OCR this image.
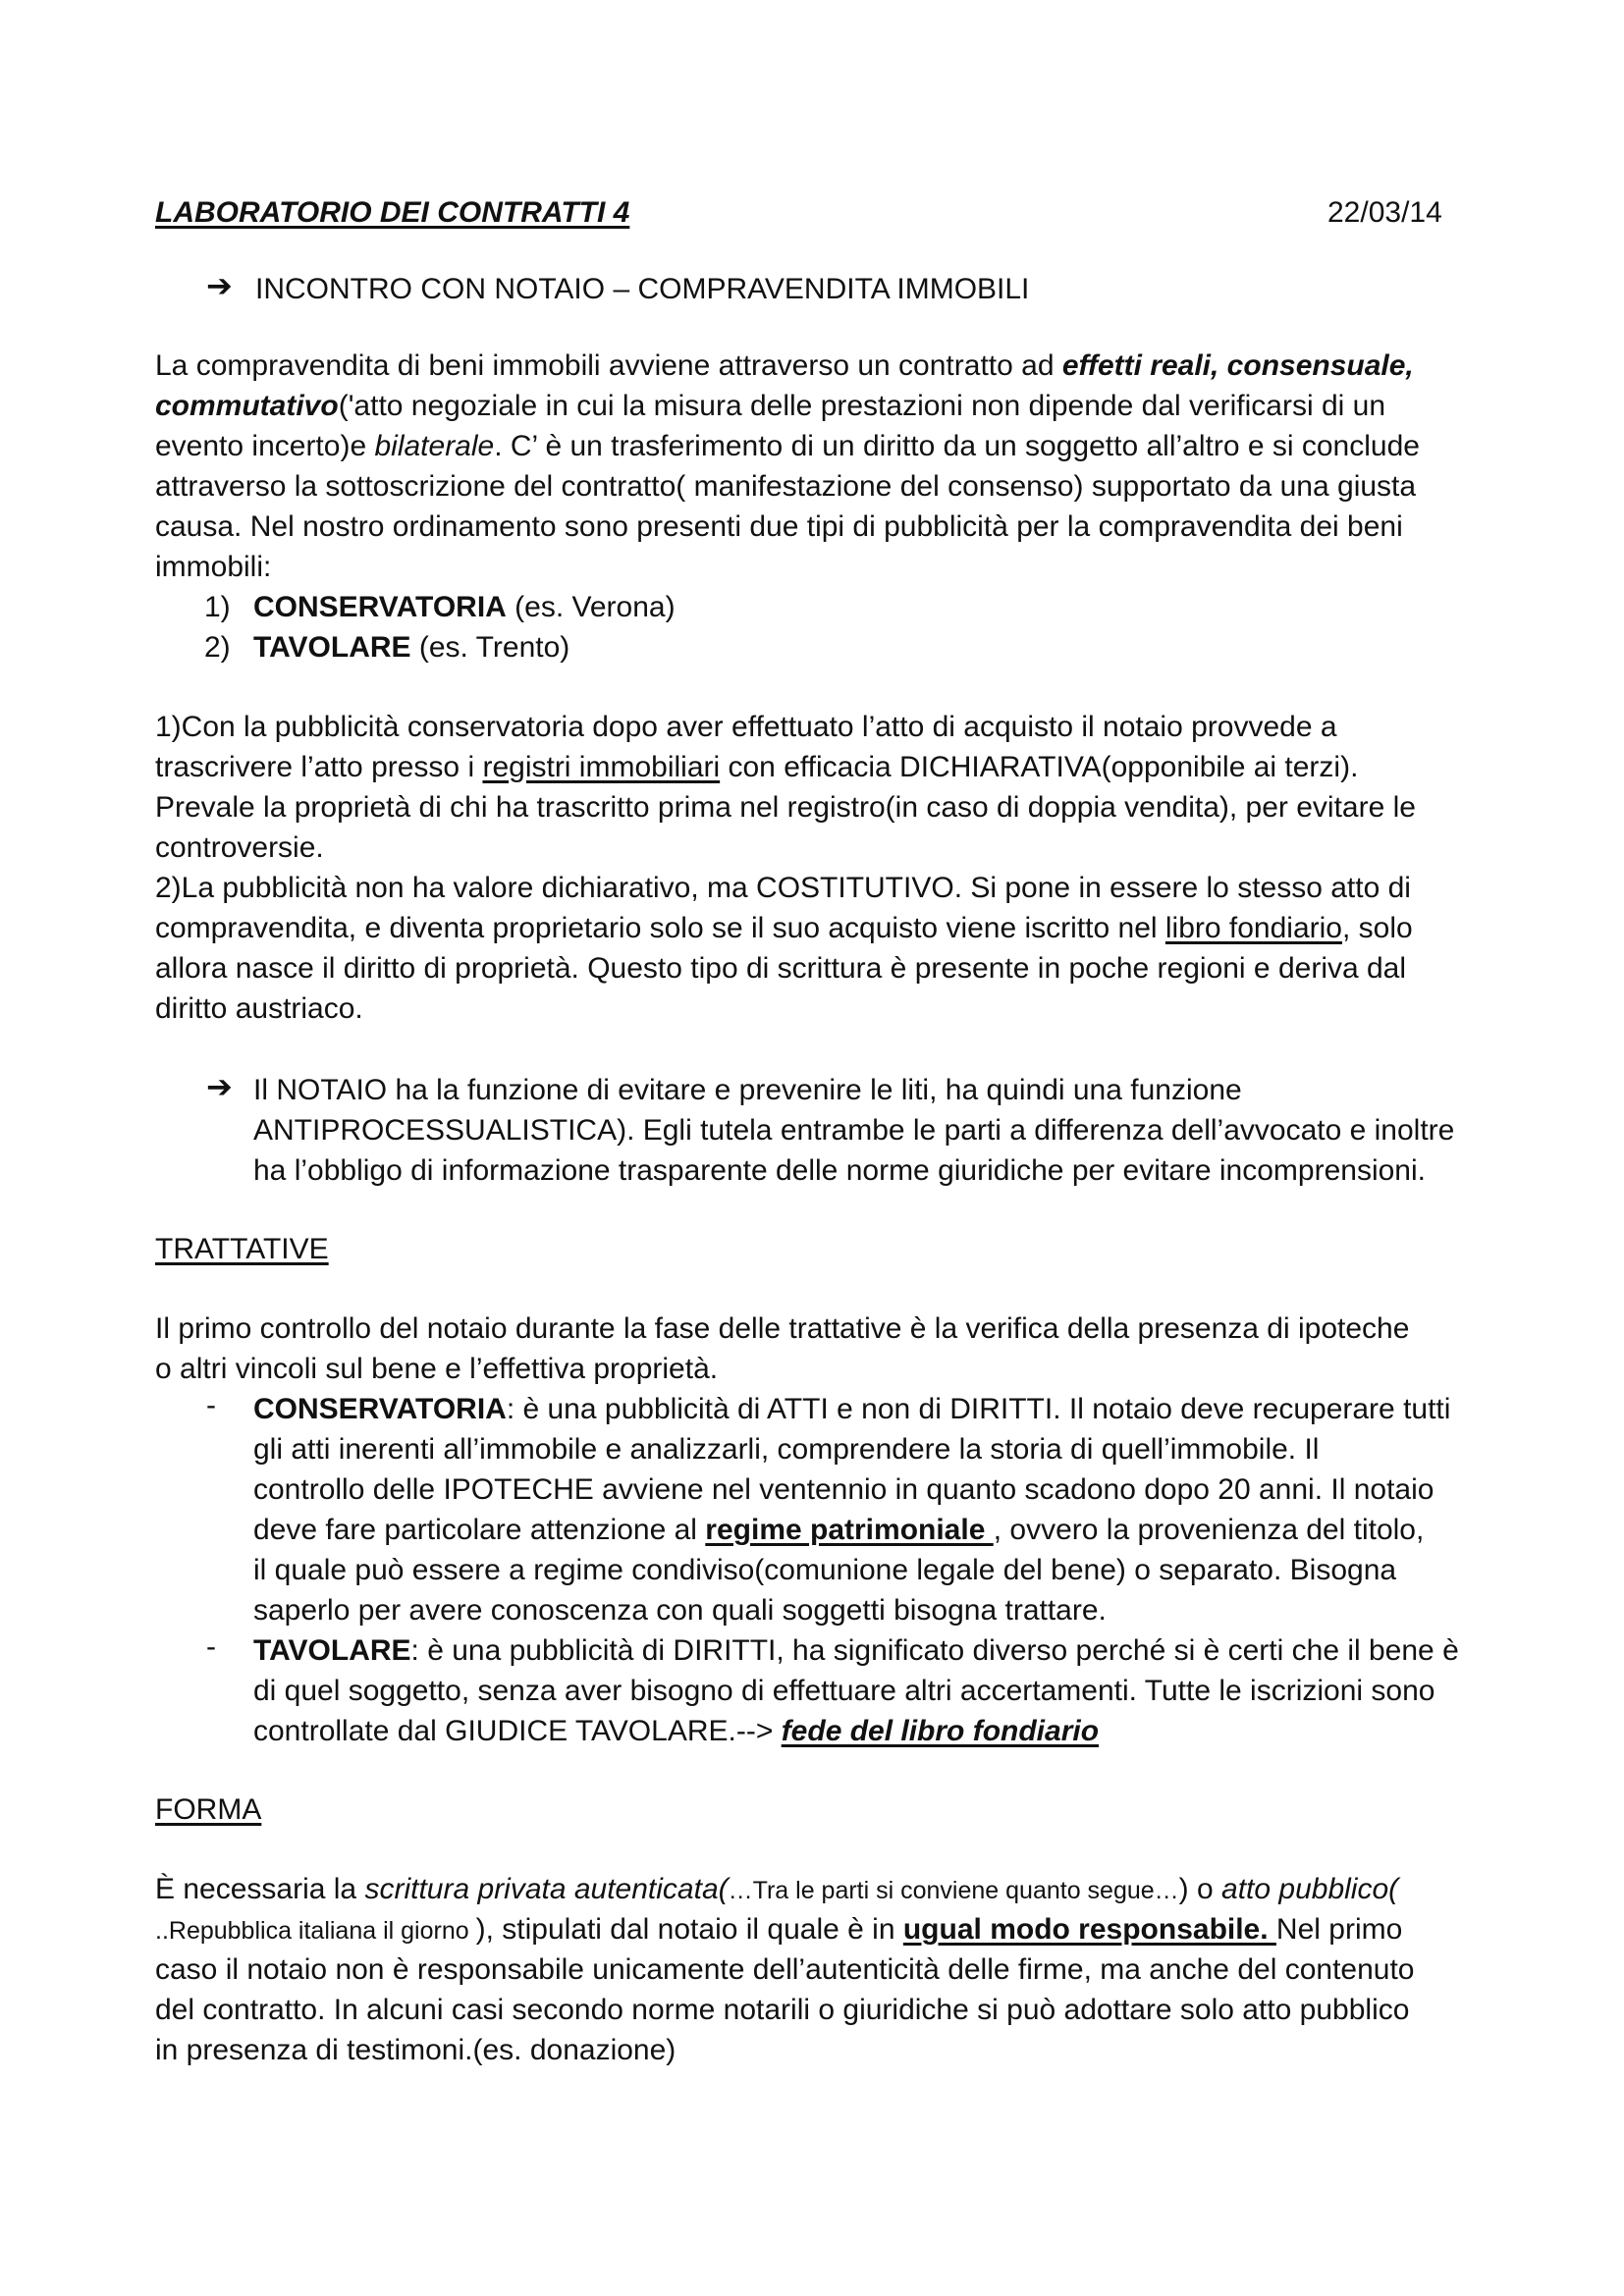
LABORATORIO DEI CONTRATTI 4	22/03/14
➔ INCONTRO CON NOTAIO – COMPRAVENDITA IMMOBILI
La compravendita di beni immobili avviene attraverso un contratto ad effetti reali, consensuale,
commutativo('atto negoziale in cui la misura delle prestazioni non dipende dal verificarsi di un
evento incerto)e bilaterale. C’ è un trasferimento di un diritto da un soggetto all’altro e si conclude
attraverso la sottoscrizione del contratto( manifestazione del consenso) supportato da una giusta
causa. Nel nostro ordinamento sono presenti due tipi di pubblicità per la compravendita dei beni
immobili:
1) CONSERVATORIA (es. Verona)
2) TAVOLARE (es. Trento)
1)Con la pubblicità conservatoria dopo aver effettuato l’atto di acquisto il notaio provvede a
trascrivere l’atto presso i registri immobiliari con efficacia DICHIARATIVA(opponibile ai terzi).
Prevale la proprietà di chi ha trascritto prima nel registro(in caso di doppia vendita), per evitare le
controversie.
2)La pubblicità non ha valore dichiarativo, ma COSTITUTIVO. Si pone in essere lo stesso atto di
compravendita, e diventa proprietario solo se il suo acquisto viene iscritto nel libro fondiario, solo
allora nasce il diritto di proprietà. Questo tipo di scrittura è presente in poche regioni e deriva dal
diritto austriaco.
➔ Il NOTAIO ha la funzione di evitare e prevenire le liti, ha quindi una funzione
ANTIPROCESSUALISTICA). Egli tutela entrambe le parti a differenza dell’avvocato e inoltre
ha l’obbligo di informazione trasparente delle norme giuridiche per evitare incomprensioni.
TRATTATIVE
Il primo controllo del notaio durante la fase delle trattative è la verifica della presenza di ipoteche
o altri vincoli sul bene e l’effettiva proprietà.
- CONSERVATORIA: è una pubblicità di ATTI e non di DIRITTI. Il notaio deve recuperare tutti
gli atti inerenti all’immobile e analizzarli, comprendere la storia di quell’immobile. Il
controllo delle IPOTECHE avviene nel ventennio in quanto scadono dopo 20 anni. Il notaio
deve fare particolare attenzione al regime patrimoniale , ovvero la provenienza del titolo,
il quale può essere a regime condiviso(comunione legale del bene) o separato. Bisogna
saperlo per avere conoscenza con quali soggetti bisogna trattare.
- TAVOLARE: è una pubblicità di DIRITTI, ha significato diverso perché si è certi che il bene è
di quel soggetto, senza aver bisogno di effettuare altri accertamenti. Tutte le iscrizioni sono
controllate dal GIUDICE TAVOLARE.--> fede del libro fondiario
FORMA
È necessaria la scrittura privata autenticata(…Tra le parti si conviene quanto segue…) o atto pubblico(
..Repubblica italiana il giorno ), stipulati dal notaio il quale è in ugual modo responsabile. Nel primo
caso il notaio non è responsabile unicamente dell’autenticità delle firme, ma anche del contenuto
del contratto. In alcuni casi secondo norme notarili o giuridiche si può adottare solo atto pubblico
in presenza di testimoni.(es. donazione)
